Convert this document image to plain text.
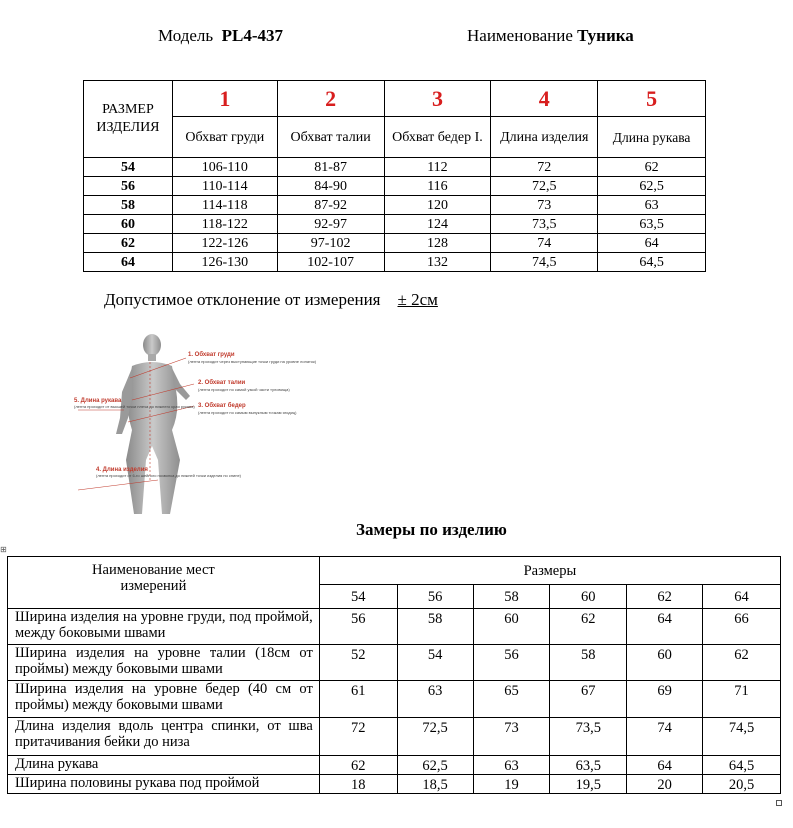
Модель PL4-437	Наименование Туника
РАЗМЕР ИЗДЕЛИЯ	1	2	3	4	5
	Обхват груди	Обхват талии	Обхват бедер I.	Длина изделия	Длина рукава
54	106-110	81-87	112	72	62
56	110-114	84-90	116	72,5	62,5
58	114-118	87-92	120	73	63
60	118-122	92-97	124	73,5	63,5
62	122-126	97-102	128	74	64
64	126-130	102-107	132	74,5	64,5
Допустимое отклонение от измерения ± 2см
1. Обхват груди
(лента проходит через выступающие точки груди на уровне лопаток)
2. Обхват талии
(лента проходит по самой узкой части туловища)
3. Обхват бедер
(лента проходит по самым выпуклым точкам ягодиц)
4. Длина изделия
(лента проходит от 6-го шейного позвонка до нижней точки изделия по спине)
5. Длина рукава
(лента проходит от высшей точки плеча до нижнего края рукава)
Замеры по изделию
⊞
Наименование мест измерений	Размеры					
	54	56	58	60	62	64
Ширина изделия на уровне груди, под проймой, между боковыми швами	56	58	60	62	64	66
Ширина изделия на уровне талии (18см от проймы) между боковыми швами	52	54	56	58	60	62
Ширина изделия на уровне бедер (40 см от проймы) между боковыми швами	61	63	65	67	69	71
Длина изделия вдоль центра спинки, от шва притачивания бейки до низа	72	72,5	73	73,5	74	74,5
Длина рукава	62	62,5	63	63,5	64	64,5
Ширина половины рукава под проймой	18	18,5	19	19,5	20	20,5
